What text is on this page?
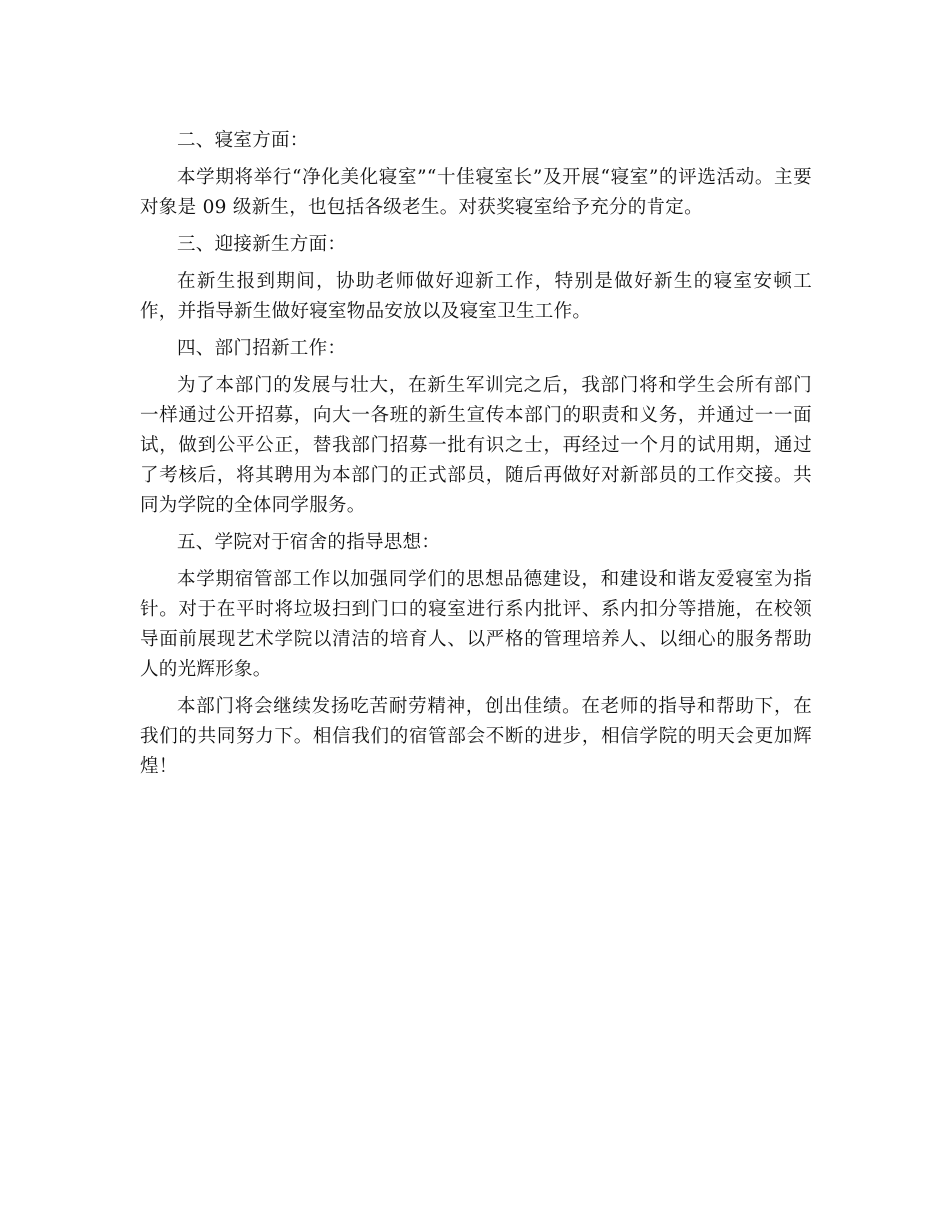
二、寝室方面：

本学期将举行“净化美化寝室”“十佳寝室长”及开展“寝室”的评选活动。主要对象是 09 级新生，也包括各级老生。对获奖寝室给予充分的肯定。

三、迎接新生方面：

在新生报到期间，协助老师做好迎新工作，特别是做好新生的寝室安顿工作，并指导新生做好寝室物品安放以及寝室卫生工作。

四、部门招新工作：

为了本部门的发展与壮大，在新生军训完之后，我部门将和学生会所有部门一样通过公开招募，向大一各班的新生宣传本部门的职责和义务，并通过一一面试，做到公平公正，替我部门招募一批有识之士，再经过一个月的试用期，通过了考核后，将其聘用为本部门的正式部员，随后再做好对新部员的工作交接。共同为学院的全体同学服务。

五、学院对于宿舍的指导思想：

本学期宿管部工作以加强同学们的思想品德建设，和建设和谐友爱寝室为指针。对于在平时将垃圾扫到门口的寝室进行系内批评、系内扣分等措施，在校领导面前展现艺术学院以清洁的培育人、以严格的管理培养人、以细心的服务帮助人的光辉形象。

本部门将会继续发扬吃苦耐劳精神，创出佳绩。在老师的指导和帮助下，在我们的共同努力下。相信我们的宿管部会不断的进步，相信学院的明天会更加辉煌！
